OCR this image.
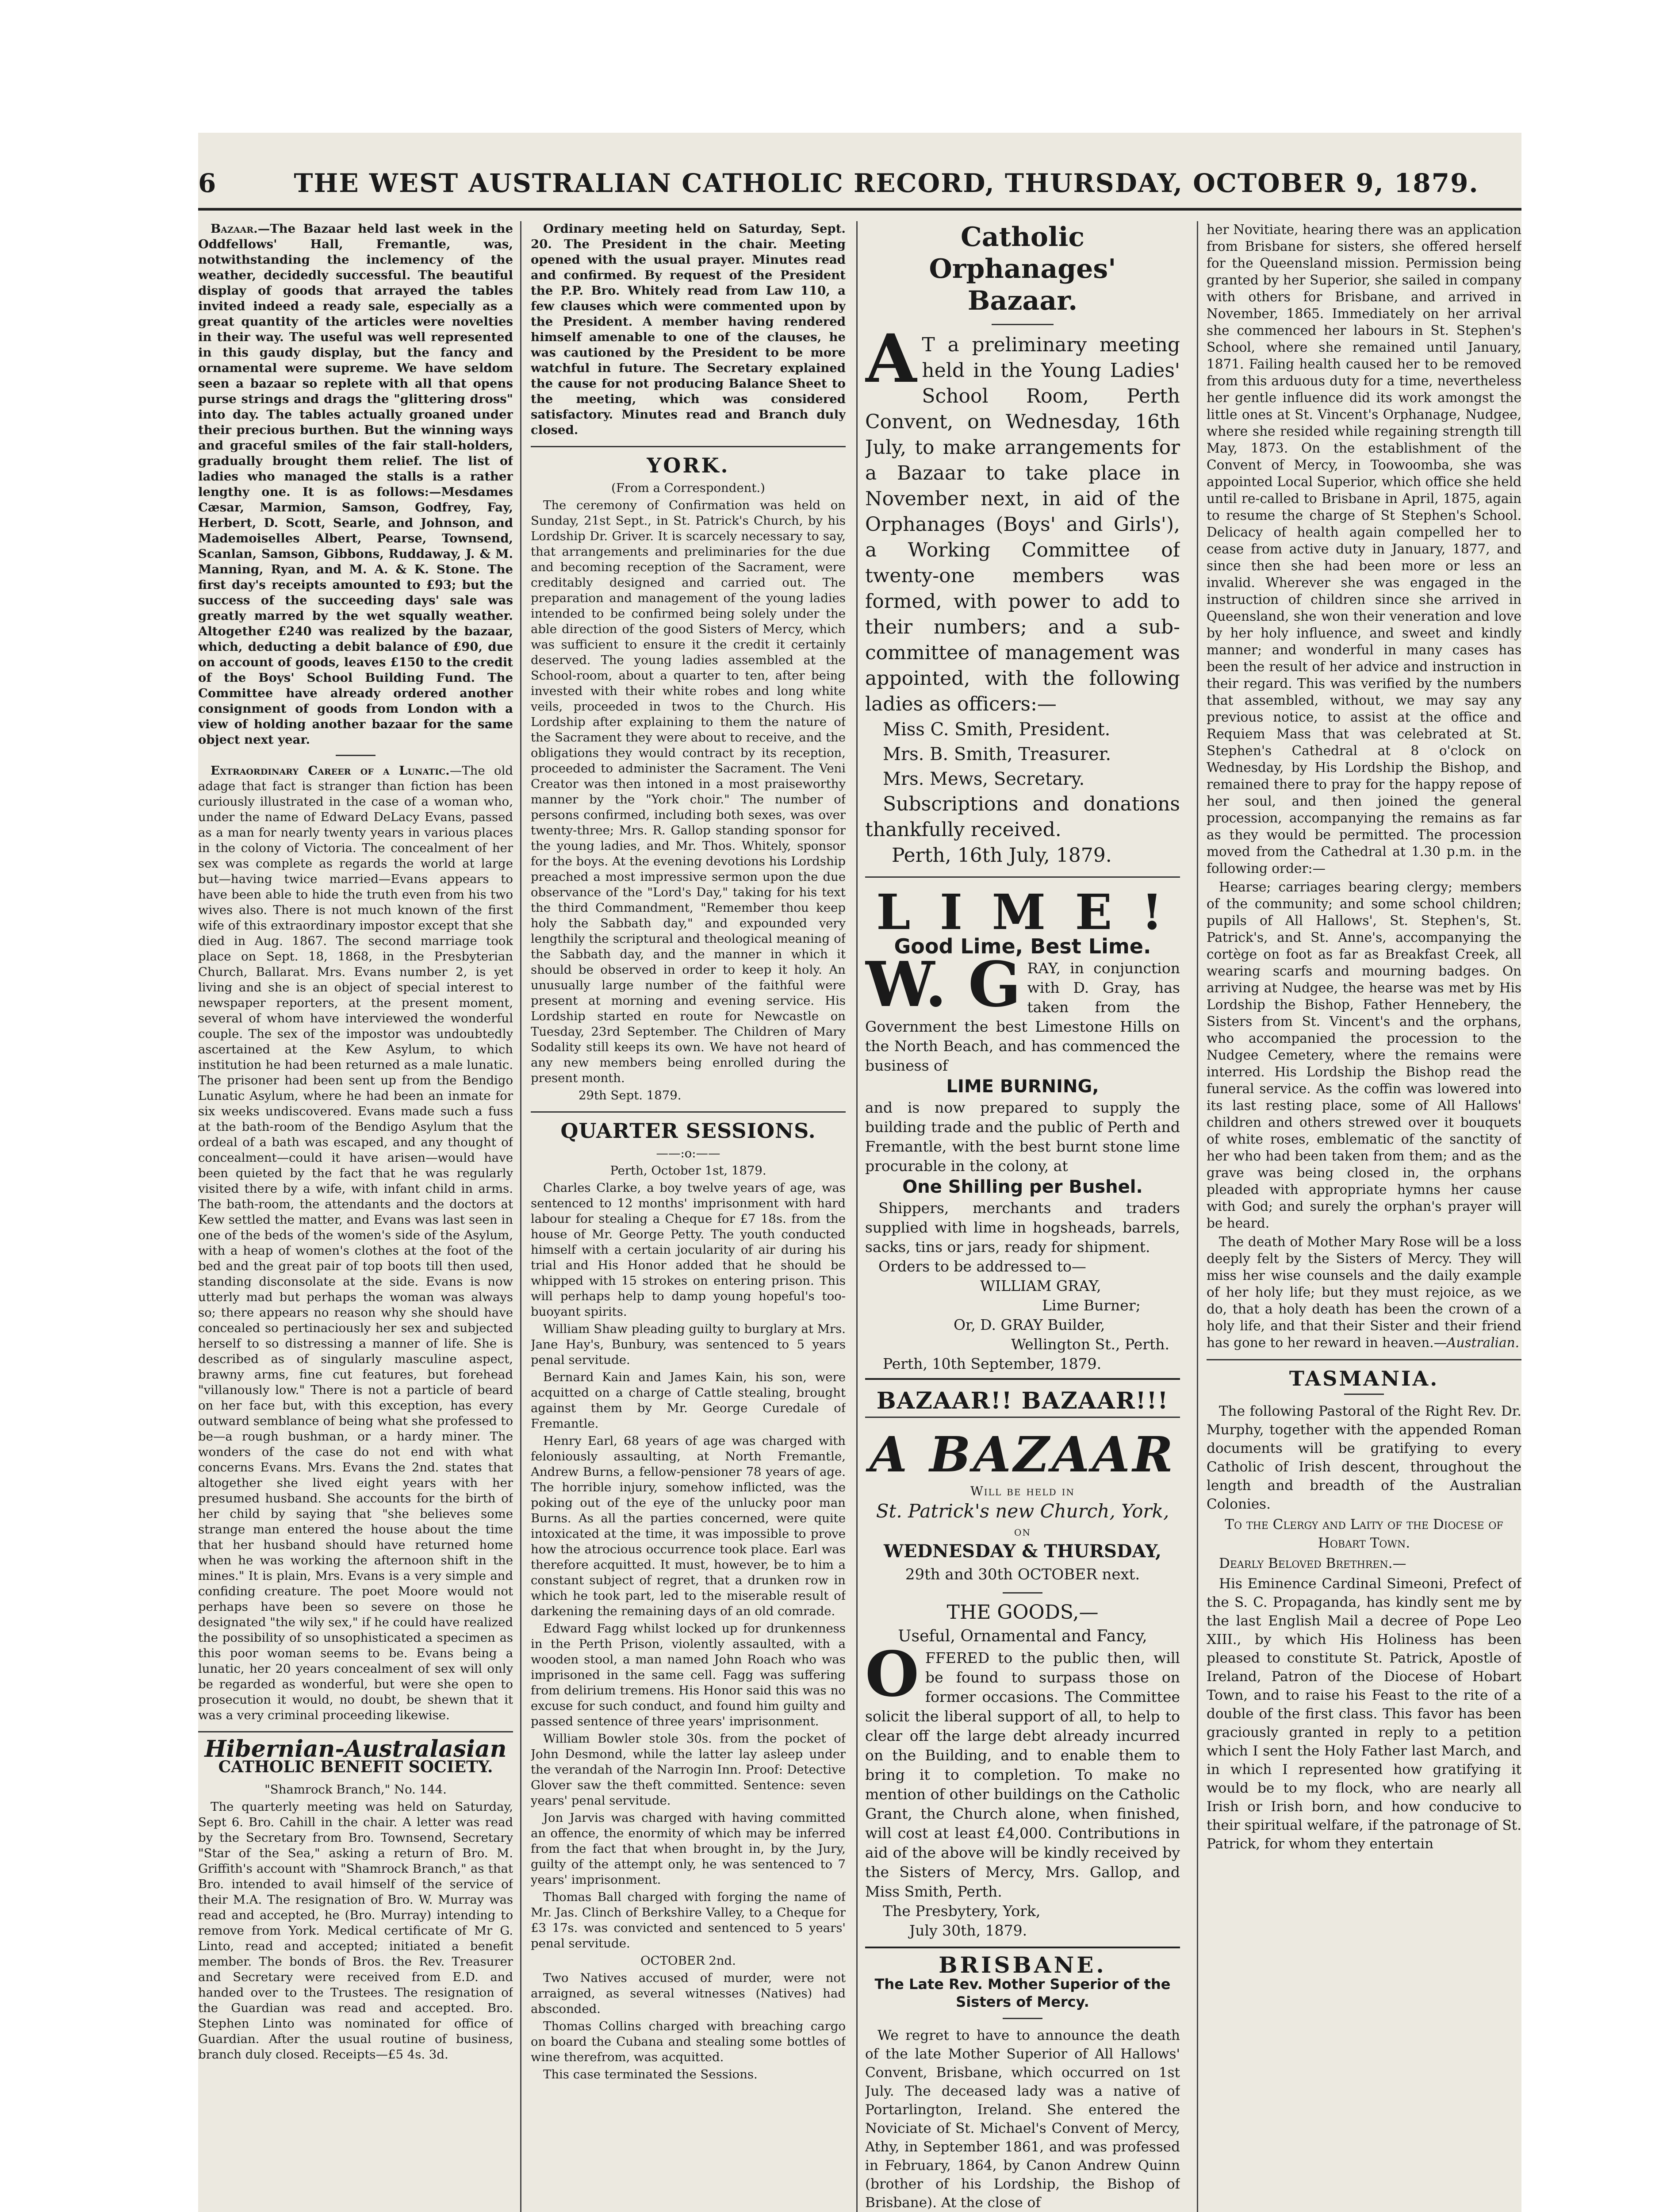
6	THE WEST AUSTRALIAN CATHOLIC RECORD, THURSDAY, OCTOBER 9, 1879.

Bazaar.—The Bazaar held last week in the Oddfellows' Hall, Fremantle, was, notwithstanding the inclemency of the weather, decidedly successful. The beautiful display of goods that arrayed the tables invited indeed a ready sale, especially as a great quantity of the articles were novelties in their way. The useful was well represented in this gaudy display, but the fancy and ornamental were supreme. We have seldom seen a bazaar so replete with all that opens purse strings and drags the "glittering dross" into day. The tables actually groaned under their precious burthen. But the winning ways and graceful smiles of the fair stall-holders, gradually brought them relief. The list of ladies who managed the stalls is a rather lengthy one. It is as follows:—Mesdames Cæsar, Marmion, Samson, Godfrey, Fay, Herbert, D. Scott, Searle, and Johnson, and Mademoiselles Albert, Pearse, Townsend, Scanlan, Samson, Gibbons, Ruddaway, J. & M. Manning, Ryan, and M. A. & K. Stone. The first day's receipts amounted to £93; but the success of the succeeding days' sale was greatly marred by the wet squally weather. Altogether £240 was realized by the bazaar, which, deducting a debit balance of £90, due on account of goods, leaves £150 to the credit of the Boys' School Building Fund. The Committee have already ordered another consignment of goods from London with a view of holding another bazaar for the same object next year.

Extraordinary Career of a Lunatic.—The old adage that fact is stranger than fiction has been curiously illustrated in the case of a woman who, under the name of Edward DeLacy Evans, passed as a man for nearly twenty years in various places in the colony of Victoria. The concealment of her sex was complete as regards the world at large but—having twice married—Evans appears to have been able to hide the truth even from his two wives also. There is not much known of the first wife of this extraordinary impostor except that she died in Aug. 1867. The second marriage took place on Sept. 18, 1868, in the Presbyterian Church, Ballarat. Mrs. Evans number 2, is yet living and she is an object of special interest to newspaper reporters, at the present moment, several of whom have interviewed the wonderful couple. The sex of the impostor was undoubtedly ascertained at the Kew Asylum, to which institution he had been returned as a male lunatic. The prisoner had been sent up from the Bendigo Lunatic Asylum, where he had been an inmate for six weeks undiscovered. Evans made such a fuss at the bath-room of the Bendigo Asylum that the ordeal of a bath was escaped, and any thought of concealment—could it have arisen—would have been quieted by the fact that he was regularly visited there by a wife, with infant child in arms. The bath-room, the attendants and the doctors at Kew settled the matter, and Evans was last seen in one of the beds of the women's side of the Asylum, with a heap of women's clothes at the foot of the bed and the great pair of top boots till then used, standing disconsolate at the side. Evans is now utterly mad but perhaps the woman was always so; there appears no reason why she should have concealed so pertinaciously her sex and subjected herself to so distressing a manner of life. She is described as of singularly masculine aspect, brawny arms, fine cut features, but forehead "villanously low." There is not a particle of beard on her face but, with this exception, has every outward semblance of being what she professed to be—a rough bushman, or a hardy miner. The wonders of the case do not end with what concerns Evans. Mrs. Evans the 2nd. states that altogether she lived eight years with her presumed husband. She accounts for the birth of her child by saying that "she believes some strange man entered the house about the time that her husband should have returned home when he was working the afternoon shift in the mines." It is plain, Mrs. Evans is a very simple and confiding creature. The poet Moore would not perhaps have been so severe on those he designated "the wily sex," if he could have realized the possibility of so unsophisticated a specimen as this poor woman seems to be. Evans being a lunatic, her 20 years concealment of sex will only be regarded as wonderful, but were she open to prosecution it would, no doubt, be shewn that it was a very criminal proceeding likewise.

Hibernian-Australasian
CATHOLIC BENEFIT SOCIETY.

"Shamrock Branch," No. 144.

The quarterly meeting was held on Saturday, Sept 6. Bro. Cahill in the chair. A letter was read by the Secretary from Bro. Townsend, Secretary "Star of the Sea," asking a return of Bro. M. Griffith's account with "Shamrock Branch," as that Bro. intended to avail himself of the service of their M.A. The resignation of Bro. W. Murray was read and accepted, he (Bro. Murray) intending to remove from York. Medical certificate of Mr G. Linto, read and accepted; initiated a benefit member. The bonds of Bros. the Rev. Treasurer and Secretary were received from E.D. and handed over to the Trustees. The resignation of the Guardian was read and accepted. Bro. Stephen Linto was nominated for office of Guardian. After the usual routine of business, branch duly closed. Receipts—£5 4s. 3d.

Ordinary meeting held on Saturday, Sept. 20. The President in the chair. Meeting opened with the usual prayer. Minutes read and confirmed. By request of the President the P.P. Bro. Whitely read from Law 110, a few clauses which were commented upon by the President. A member having rendered himself amenable to one of the clauses, he was cautioned by the President to be more watchful in future. The Secretary explained the cause for not producing Balance Sheet to the meeting, which was considered satisfactory. Minutes read and Branch duly closed.

YORK.

(From a Correspondent.)

The ceremony of Confirmation was held on Sunday, 21st Sept., in St. Patrick's Church, by his Lordship Dr. Griver. It is scarcely necessary to say, that arrangements and preliminaries for the due and becoming reception of the Sacrament, were creditably designed and carried out. The preparation and management of the young ladies intended to be confirmed being solely under the able direction of the good Sisters of Mercy, which was sufficient to ensure it the credit it certainly deserved. The young ladies assembled at the School-room, about a quarter to ten, after being invested with their white robes and long white veils, proceeded in twos to the Church. His Lordship after explaining to them the nature of the Sacrament they were about to receive, and the obligations they would contract by its reception, proceeded to administer the Sacrament. The Veni Creator was then intoned in a most praiseworthy manner by the "York choir." The number of persons confirmed, including both sexes, was over twenty-three; Mrs. R. Gallop standing sponsor for the young ladies, and Mr. Thos. Whitely, sponsor for the boys. At the evening devotions his Lordship preached a most impressive sermon upon the due observance of the "Lord's Day," taking for his text the third Commandment, "Remember thou keep holy the Sabbath day," and expounded very lengthily the scriptural and theological meaning of the Sabbath day, and the manner in which it should be observed in order to keep it holy. An unusually large number of the faithful were present at morning and evening service. His Lordship started en route for Newcastle on Tuesday, 23rd September. The Children of Mary Sodality still keeps its own. We have not heard of any new members being enrolled during the present month.

29th Sept. 1879.

QUARTER SESSIONS.

——:o:——

Perth, October 1st, 1879.

Charles Clarke, a boy twelve years of age, was sentenced to 12 months' imprisonment with hard labour for stealing a Cheque for £7 18s. from the house of Mr. George Petty. The youth conducted himself with a certain jocularity of air during his trial and His Honor added that he should be whipped with 15 strokes on entering prison. This will perhaps help to damp young hopeful's too-buoyant spirits.

William Shaw pleading guilty to burglary at Mrs. Jane Hay's, Bunbury, was sentenced to 5 years penal servitude.

Bernard Kain and James Kain, his son, were acquitted on a charge of Cattle stealing, brought against them by Mr. George Curedale of Fremantle.

Henry Earl, 68 years of age was charged with feloniously assaulting, at North Fremantle, Andrew Burns, a fellow-pensioner 78 years of age. The horrible injury, somehow inflicted, was the poking out of the eye of the unlucky poor man Burns. As all the parties concerned, were quite intoxicated at the time, it was impossible to prove how the atrocious occurrence took place. Earl was therefore acquitted. It must, however, be to him a constant subject of regret, that a drunken row in which he took part, led to the miserable result of darkening the remaining days of an old comrade.

Edward Fagg whilst locked up for drunkenness in the Perth Prison, violently assaulted, with a wooden stool, a man named John Roach who was imprisoned in the same cell. Fagg was suffering from delirium tremens. His Honor said this was no excuse for such conduct, and found him guilty and passed sentence of three years' imprisonment.

William Bowler stole 30s. from the pocket of John Desmond, while the latter lay asleep under the verandah of the Narrogin Inn. Proof: Detective Glover saw the theft committed. Sentence: seven years' penal servitude.

Jon Jarvis was charged with having committed an offence, the enormity of which may be inferred from the fact that when brought in, by the Jury, guilty of the attempt only, he was sentenced to 7 years' imprisonment.

Thomas Ball charged with forging the name of Mr. Jas. Clinch of Berkshire Valley, to a Cheque for £3 17s. was convicted and sentenced to 5 years' penal servitude.

OCTOBER 2nd.

Two Natives accused of murder, were not arraigned, as several witnesses (Natives) had absconded.

Thomas Collins charged with breaching cargo on board the Cubana and stealing some bottles of wine therefrom, was acquitted.

This case terminated the Sessions.

Catholic Orphanages'
Bazaar.
A T a preliminary meeting held in the Young Ladies' School Room, Perth Convent, on Wednesday, 16th July, to make arrangements for a Bazaar to take place in November next, in aid of the Orphanages (Boys' and Girls'), a Working Committee of twenty-one members was formed, with power to add to their numbers; and a sub-committee of management was appointed, with the following ladies as officers:—
Miss C. Smith, President.
Mrs. B. Smith, Treasurer.
Mrs. Mews, Secretary.
Subscriptions and donations thankfully received.
Perth, 16th July, 1879.
L I M E !
Good Lime, Best Lime.
W. G RAY, in conjunction with D. Gray, has taken from the Government the best Limestone Hills on the North Beach, and has commenced the business of
LIME BURNING,
and is now prepared to supply the building trade and the public of Perth and Fremantle, with the best burnt stone lime procurable in the colony, at
One Shilling per Bushel.
Shippers, merchants and traders supplied with lime in hogsheads, barrels, sacks, tins or jars, ready for shipment.
Orders to be addressed to—
WILLIAM GRAY,
Lime Burner;
Or, D. GRAY Builder,
Wellington St., Perth.
Perth, 10th September, 1879.
BAZAAR!! BAZAAR!!!
A BAZAAR
Will be held in
St. Patrick's new Church, York,
on
WEDNESDAY & THURSDAY,
29th and 30th OCTOBER next.
THE GOODS,—
Useful, Ornamental and Fancy,
OFFERED to the public then, will be found to surpass those on former occasions. The Committee solicit the liberal support of all, to help to clear off the large debt already incurred on the Building, and to enable them to bring it to completion. To make no mention of other buildings on the Catholic Grant, the Church alone, when finished, will cost at least £4,000. Contributions in aid of the above will be kindly received by the Sisters of Mercy, Mrs. Gallop, and Miss Smith, Perth.
The Presbytery, York,
July 30th, 1879.
BRISBANE.
The Late Rev. Mother Superior of the Sisters of Mercy.

We regret to have to announce the death of the late Mother Superior of All Hallows' Convent, Brisbane, which occurred on 1st July. The deceased lady was a native of Portarlington, Ireland. She entered the Noviciate of St. Michael's Convent of Mercy, Athy, in September 1861, and was professed in February, 1864, by Canon Andrew Quinn (brother of his Lordship, the Bishop of Brisbane). At the close of

her Novitiate, hearing there was an application from Brisbane for sisters, she offered herself for the Queensland mission. Permission being granted by her Superior, she sailed in company with others for Brisbane, and arrived in November, 1865. Immediately on her arrival she commenced her labours in St. Stephen's School, where she remained until January, 1871. Failing health caused her to be removed from this arduous duty for a time, nevertheless her gentle influence did its work amongst the little ones at St. Vincent's Orphanage, Nudgee, where she resided while regaining strength till May, 1873. On the establishment of the Convent of Mercy, in Toowoomba, she was appointed Local Superior, which office she held until re-called to Brisbane in April, 1875, again to resume the charge of St Stephen's School. Delicacy of health again compelled her to cease from active duty in January, 1877, and since then she had been more or less an invalid. Wherever she was engaged in the instruction of children since she arrived in Queensland, she won their veneration and love by her holy influence, and sweet and kindly manner; and wonderful in many cases has been the result of her advice and instruction in their regard. This was verified by the numbers that assembled, without, we may say any previous notice, to assist at the office and Requiem Mass that was celebrated at St. Stephen's Cathedral at 8 o'clock on Wednesday, by His Lordship the Bishop, and remained there to pray for the happy repose of her soul, and then joined the general procession, accompanying the remains as far as they would be permitted. The procession moved from the Cathedral at 1.30 p.m. in the following order:—

Hearse; carriages bearing clergy; members of the community; and some school children; pupils of All Hallows', St. Stephen's, St. Patrick's, and St. Anne's, accompanying the cortège on foot as far as Breakfast Creek, all wearing scarfs and mourning badges. On arriving at Nudgee, the hearse was met by His Lordship the Bishop, Father Hennebery, the Sisters from St. Vincent's and the orphans, who accompanied the procession to the Nudgee Cemetery, where the remains were interred. His Lordship the Bishop read the funeral service. As the coffin was lowered into its last resting place, some of All Hallows' children and others strewed over it bouquets of white roses, emblematic of the sanctity of her who had been taken from them; and as the grave was being closed in, the orphans pleaded with appropriate hymns her cause with God; and surely the orphan's prayer will be heard.

The death of Mother Mary Rose will be a loss deeply felt by the Sisters of Mercy. They will miss her wise counsels and the daily example of her holy life; but they must rejoice, as we do, that a holy death has been the crown of a holy life, and that their Sister and their friend has gone to her reward in heaven.—Australian.

TASMANIA.

The following Pastoral of the Right Rev. Dr. Murphy, together with the appended Roman documents will be gratifying to every Catholic of Irish descent, throughout the length and breadth of the Australian Colonies.

To the Clergy and Laity of the Diocese of Hobart Town.

Dearly Beloved Brethren.—

His Eminence Cardinal Simeoni, Prefect of the S. C. Propaganda, has kindly sent me by the last English Mail a decree of Pope Leo XIII., by which His Holiness has been pleased to constitute St. Patrick, Apostle of Ireland, Patron of the Diocese of Hobart Town, and to raise his Feast to the rite of a double of the first class. This favor has been graciously granted in reply to a petition which I sent the Holy Father last March, and in which I represented how gratifying it would be to my flock, who are nearly all Irish or Irish born, and how conducive to their spiritual welfare, if the patronage of St. Patrick, for whom they entertain
